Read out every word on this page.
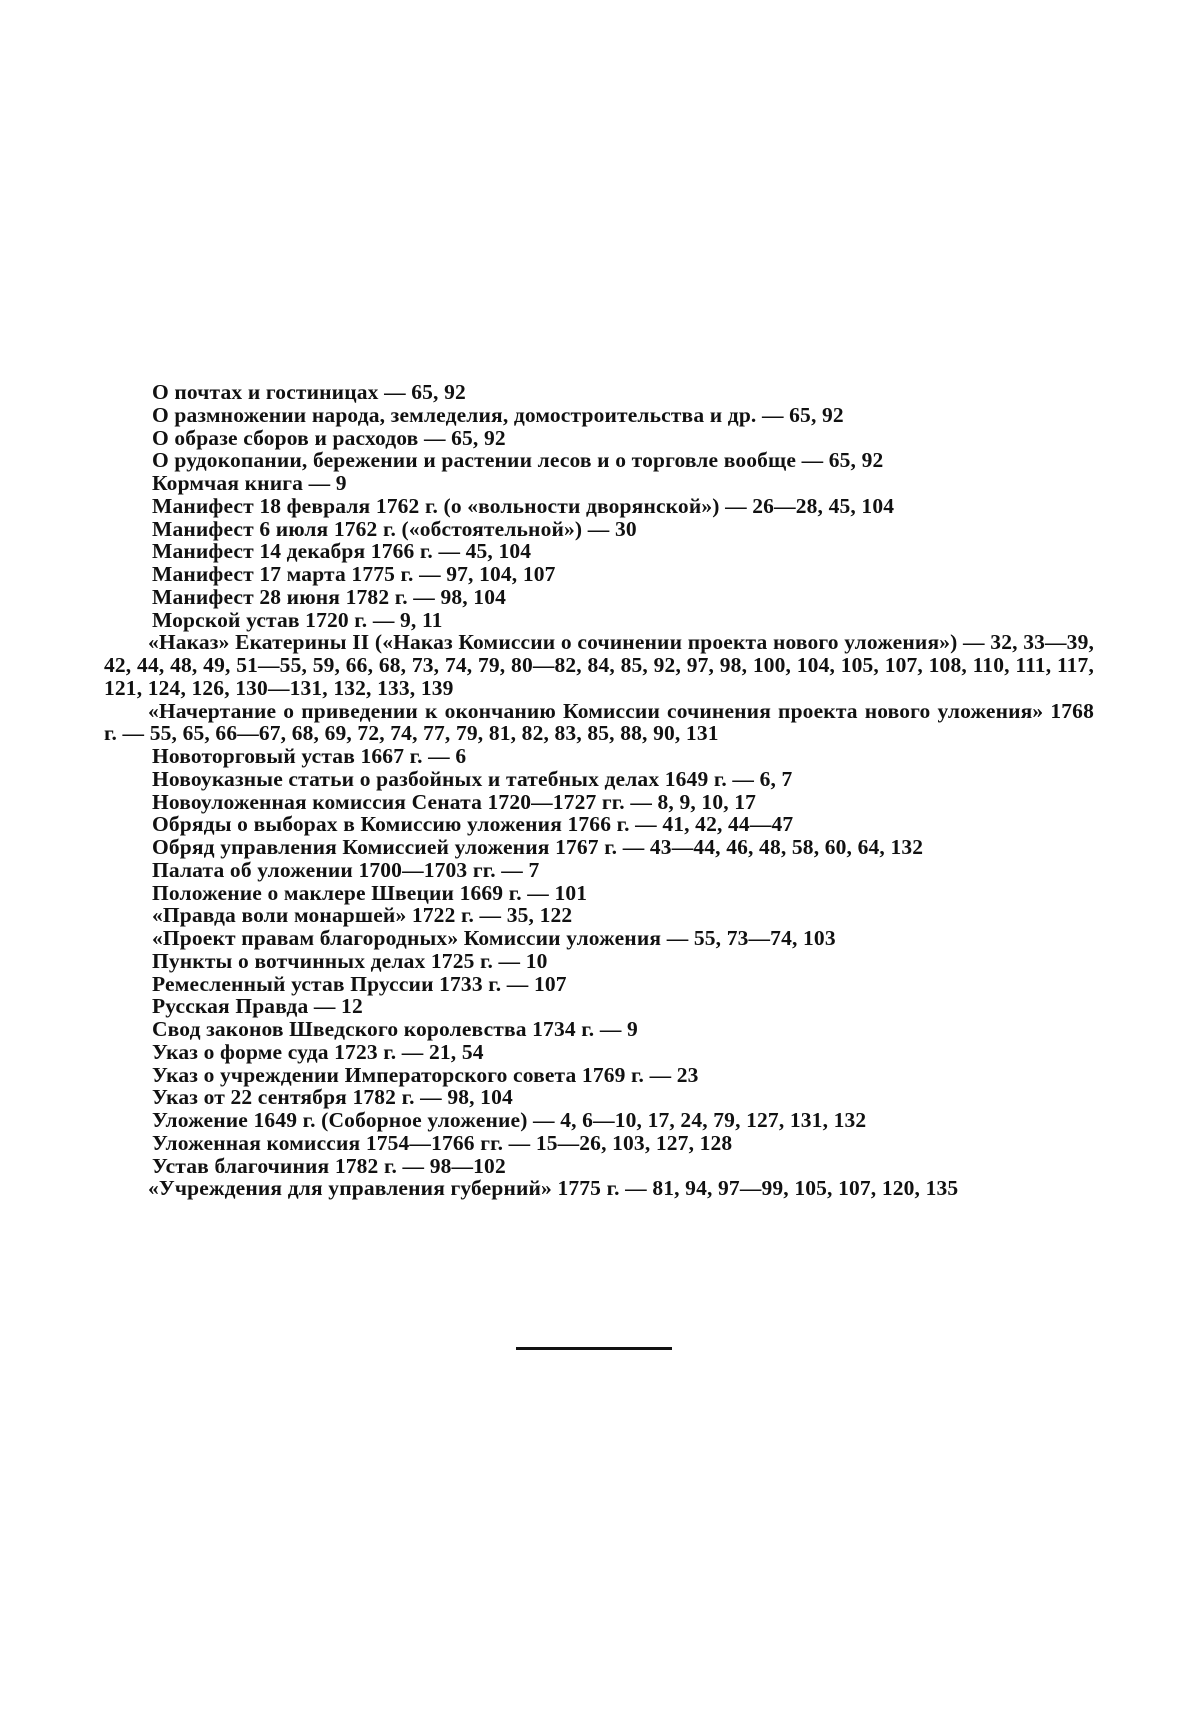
О почтах и гостиницах — 65, 92

О размножении народа, земледелия, домостроительства и др. — 65, 92

О образе сборов и расходов — 65, 92

О рудокопании, бережении и растении лесов и о торговле вообще — 65, 92

Кормчая книга — 9

Манифест 18 февраля 1762 г. (о «вольности дворянской») — 26—28, 45, 104

Манифест 6 июля 1762 г. («обстоятельной») — 30

Манифест 14 декабря 1766 г. — 45, 104

Манифест 17 марта 1775 г. — 97, 104, 107

Манифест 28 июня 1782 г. — 98, 104

Морской устав 1720 г. — 9, 11

«Наказ» Екатерины II («Наказ Комиссии о сочинении проекта нового уложения») — 32, 33—39, 42, 44, 48, 49, 51—55, 59, 66, 68, 73, 74, 79, 80—82, 84, 85, 92, 97, 98, 100, 104, 105, 107, 108, 110, 111, 117, 121, 124, 126, 130—131, 132, 133, 139

«Начертание о приведении к окончанию Комиссии сочинения проекта нового уложения» 1768 г. — 55, 65, 66—67, 68, 69, 72, 74, 77, 79, 81, 82, 83, 85, 88, 90, 131

Новоторговый устав 1667 г. — 6

Новоуказные статьи о разбойных и татебных делах 1649 г. — 6, 7

Новоуложенная комиссия Сената 1720—1727 гг. — 8, 9, 10, 17

Обряды о выборах в Комиссию уложения 1766 г. — 41, 42, 44—47

Обряд управления Комиссией уложения 1767 г. — 43—44, 46, 48, 58, 60, 64, 132

Палата об уложении 1700—1703 гг. — 7

Положение о маклере Швеции 1669 г. — 101

«Правда воли монаршей» 1722 г. — 35, 122

«Проект правам благородных» Комиссии уложения — 55, 73—74, 103

Пункты о вотчинных делах 1725 г. — 10

Ремесленный устав Пруссии 1733 г. — 107

Русская Правда — 12

Свод законов Шведского королевства 1734 г. — 9

Указ о форме суда 1723 г. — 21, 54

Указ о учреждении Императорского совета 1769 г. — 23

Указ от 22 сентября 1782 г. — 98, 104

Уложение 1649 г. (Соборное уложение) — 4, 6—10, 17, 24, 79, 127, 131, 132

Уложенная комиссия 1754—1766 гг. — 15—26, 103, 127, 128

Устав благочиния 1782 г. — 98—102

«Учреждения для управления губерний» 1775 г. — 81, 94, 97—99, 105, 107, 120, 135
